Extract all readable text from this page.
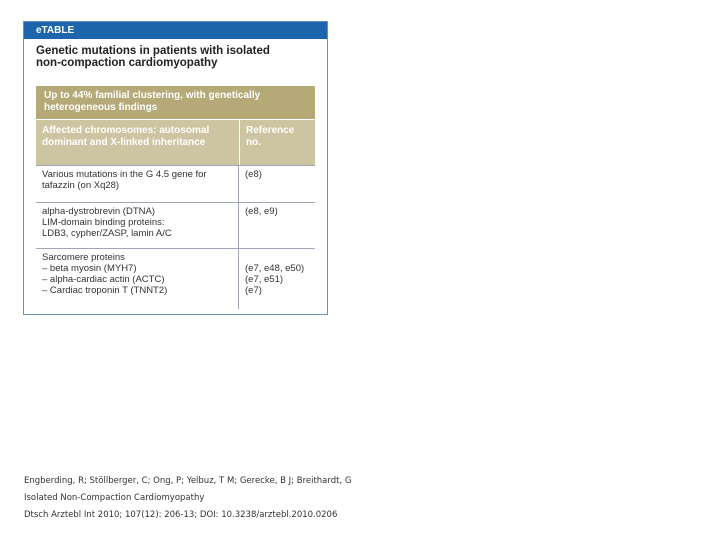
eTABLE
Genetic mutations in patients with isolated
non-compaction cardiomyopathy
Up to 44% familial clustering, with genetically
heterogeneous findings
Affected chromosomes: autosomal
dominant and X-linked inheritance
Reference
no.
Various mutations in the G 4.5 gene for
tafazzin (on Xq28)
(e8)
alpha-dystrobrevin (DTNA)
LIM-domain binding proteins:
LDB3, cypher/ZASP, lamin A/C
(e8, e9)
Sarcomere proteins
– beta myosin (MYH7)
– alpha-cardiac actin (ACTC)
– Cardiac troponin T (TNNT2)

(e7, e48, e50)
(e7, e51)
(e7)
Engberding, R; Stöllberger, C; Ong, P; Yelbuz, T M; Gerecke, B J; Breithardt, G
Isolated Non-Compaction Cardiomyopathy
Dtsch Arztebl Int 2010; 107(12): 206-13; DOI: 10.3238/arztebl.2010.0206
